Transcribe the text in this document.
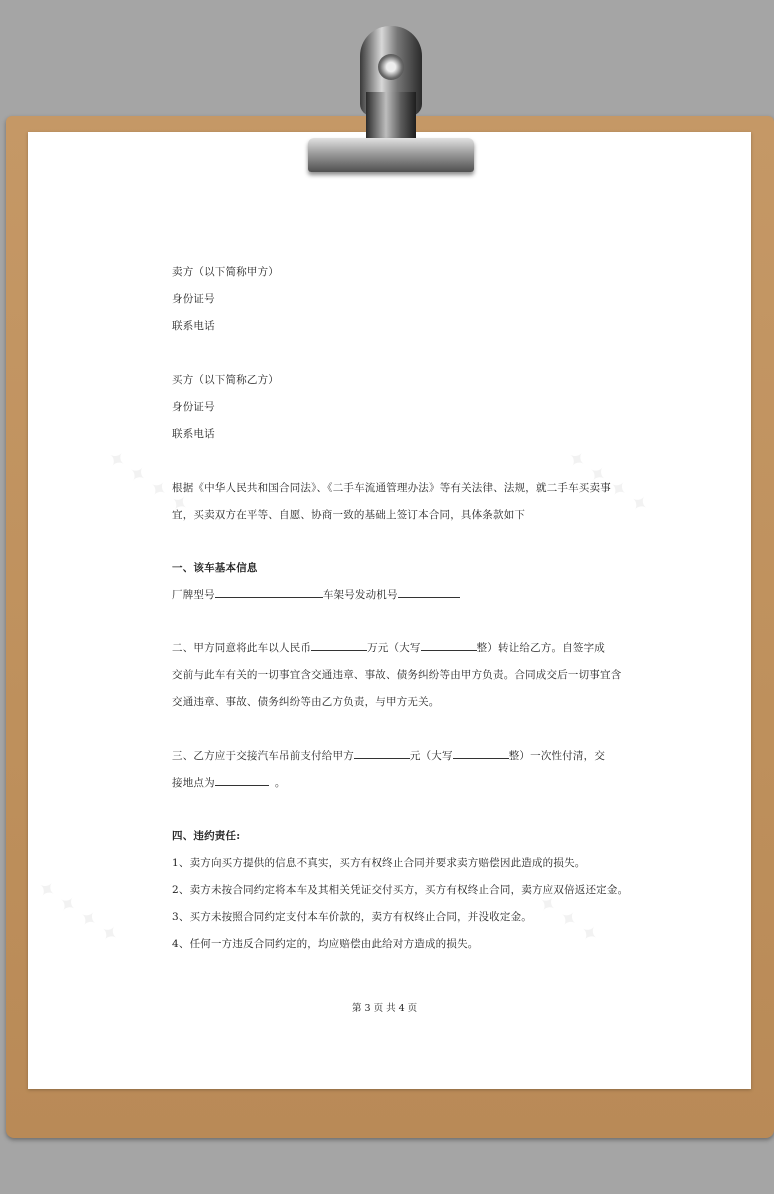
✦ ✦ ✦ ✦	✦ ✦ ✦ ✦
✦ ✦ ✦ ✦	✦ ✦ ✦ ✦
卖方（以下简称甲方）
身份证号
联系电话
买方（以下简称乙方）
身份证号
联系电话
根据《中华人民共和国合同法》、《二手车流通管理办法》等有关法律、法规，就二手车买卖事
宜，买卖双方在平等、自愿、协商一致的基础上签订本合同，具体条款如下
一、该车基本信息
厂牌型号	车架号发动机号
二、甲方同意将此车以人民币	万元（大写	整）转让给乙方。自签字成
交前与此车有关的一切事宜含交通违章、事故、债务纠纷等由甲方负责。合同成交后一切事宜含
交通违章、事故、债务纠纷等由乙方负责，与甲方无关。
三、乙方应于交接汽车吊前支付给甲方	元（大写	整）一次性付清，交
接地点为	。
四、违约责任:
1、卖方向买方提供的信息不真实，买方有权终止合同并要求卖方赔偿因此造成的损失。
2、卖方未按合同约定将本车及其相关凭证交付买方，买方有权终止合同，卖方应双倍返还定金。
3、买方未按照合同约定支付本车价款的，卖方有权终止合同，并没收定金。
4、任何一方违反合同约定的，均应赔偿由此给对方造成的损失。
第 3 页 共 4 页
